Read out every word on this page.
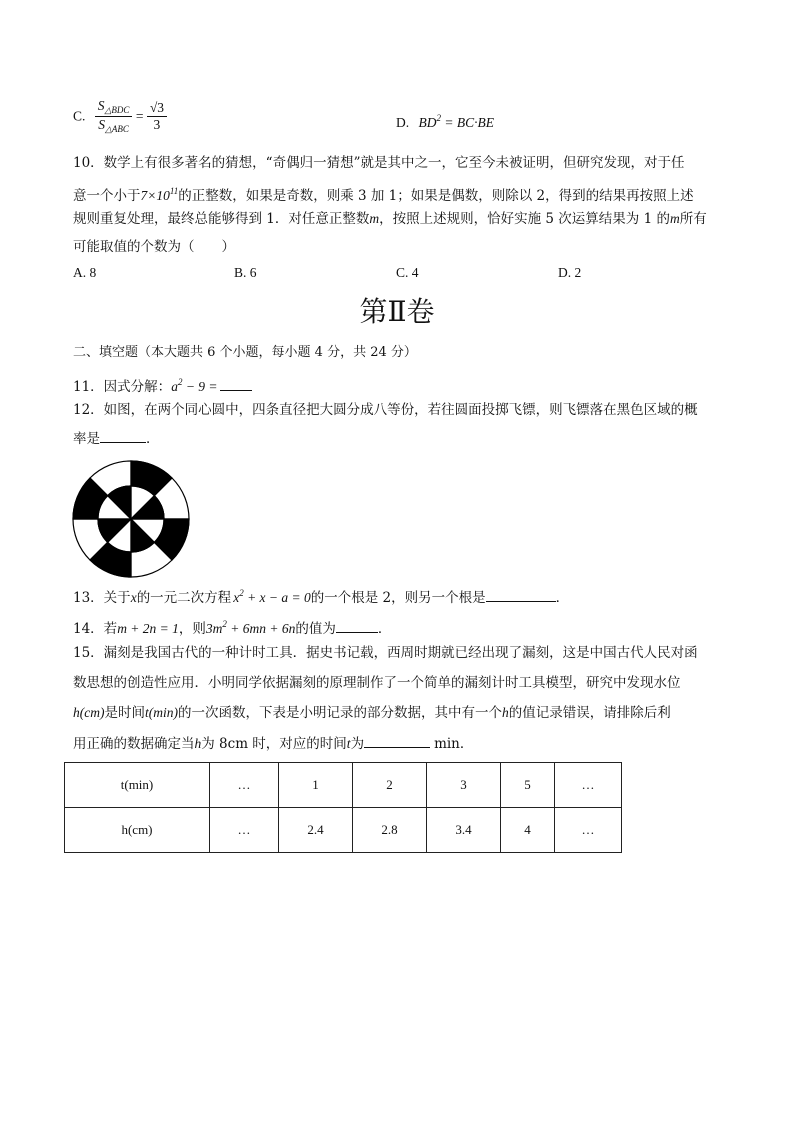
C. $\frac{S_{\triangle BDC}}{S_{\triangle ABC}} = \frac{√3}{3}$	D. $BD^2 = BC\cdot BE$
10．数学上有很多著名的猜想，“奇偶归一猜想”就是其中之一，它至今未被证明，但研究发现，对于任
意一个小于$7\times 10^{11}$的正整数，如果是奇数，则乘 3 加 1；如果是偶数，则除以 2，得到的结果再按照上述
规则重复处理，最终总能够得到 1．对任意正整数m，按照上述规则，恰好实施 5 次运算结果为 1 的m所有
可能取值的个数为（　　）
A. 8	B. 6	C. 4	D. 2
第Ⅱ卷
二、填空题（本大题共 6 个小题，每小题 4 分，共 24 分）
11．因式分解：$a^2 - 9$ =
12．如图，在两个同心圆中，四条直径把大圆分成八等份，若往圆面投掷飞镖，则飞镖落在黑色区域的概
率是	．
13．关于x的一元二次方程 $x^2 + x - a = 0$的一个根是 2，则另一个根是	．
14．若m + 2n = 1，则$3m^2 + 6mn + 6n$的值为	．
15．漏刻是我国古代的一种计时工具．据史书记载，西周时期就已经出现了漏刻，这是中国古代人民对函
数思想的创造性应用．小明同学依据漏刻的原理制作了一个简单的漏刻计时工具模型，研究中发现水位
h(cm)是时间t(min)的一次函数，下表是小明记录的部分数据，其中有一个h的值记录错误，请排除后利
用正确的数据确定当h为 8cm 时，对应的时间t为	min．
t(min)	…	1	2	3	5	…
h(cm)	…	2.4	2.8	3.4	4	…
